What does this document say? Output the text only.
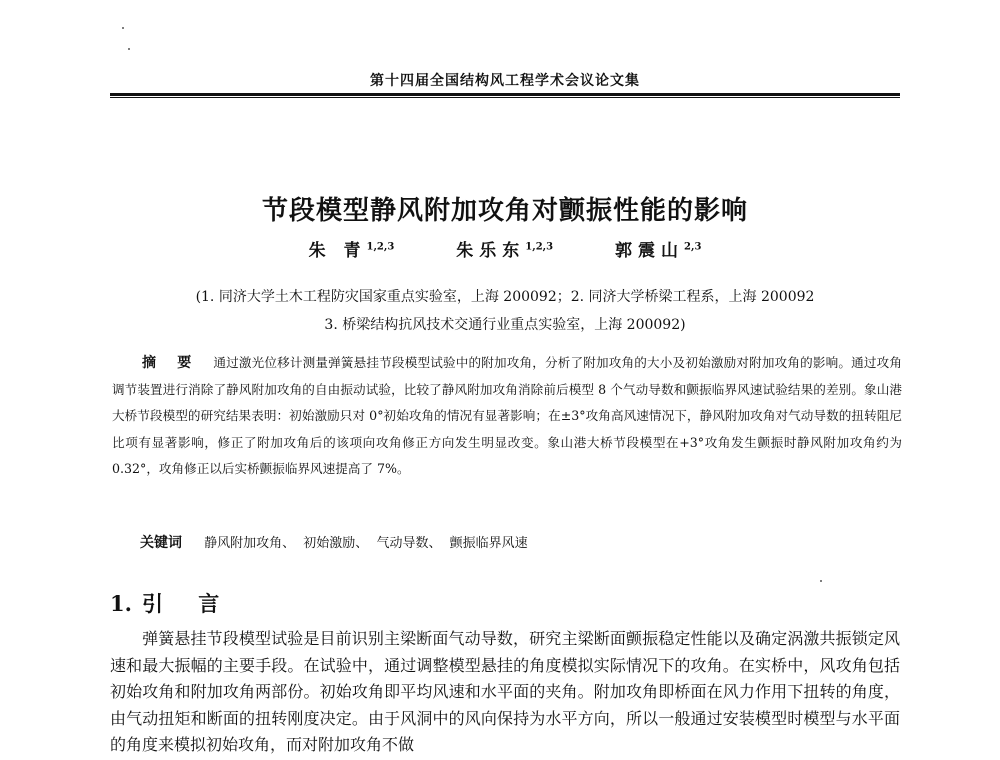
第十四届全国结构风工程学术会议论文集
节段模型静风附加攻角对颤振性能的影响
朱 青$^{1,2,3}$	朱乐东$^{1,2,3}$	郭震山$^{2,3}$
(1. 同济大学土木工程防灾国家重点实验室，上海 200092；2. 同济大学桥梁工程系，上海 200092
3. 桥梁结构抗风技术交通行业重点实验室，上海 200092)
摘 要 通过激光位移计测量弹簧悬挂节段模型试验中的附加攻角，分析了附加攻角的大小及初始激励对附加攻角的影响。通过攻角调节装置进行消除了静风附加攻角的自由振动试验，比较了静风附加攻角消除前后模型 8 个气动导数和颤振临界风速试验结果的差别。象山港大桥节段模型的研究结果表明：初始激励只对 0°初始攻角的情况有显著影响；在±3°攻角高风速情况下，静风附加攻角对气动导数的扭转阻尼比项有显著影响，修正了附加攻角后的该项向攻角修正方向发生明显改变。象山港大桥节段模型在+3°攻角发生颤振时静风附加攻角约为 0.32°，攻角修正以后实桥颤振临界风速提高了 7%。
关键词 静风附加攻角、 初始激励、 气动导数、 颤振临界风速
1. 引 言
弹簧悬挂节段模型试验是目前识别主梁断面气动导数，研究主梁断面颤振稳定性能以及确定涡激共振锁定风速和最大振幅的主要手段。在试验中，通过调整模型悬挂的角度模拟实际情况下的攻角。在实桥中，风攻角包括初始攻角和附加攻角两部份。初始攻角即平均风速和水平面的夹角。附加攻角即桥面在风力作用下扭转的角度，由气动扭矩和断面的扭转刚度决定。由于风洞中的风向保持为水平方向，所以一般通过安装模型时模型与水平面的角度来模拟初始攻角，而对附加攻角不做
